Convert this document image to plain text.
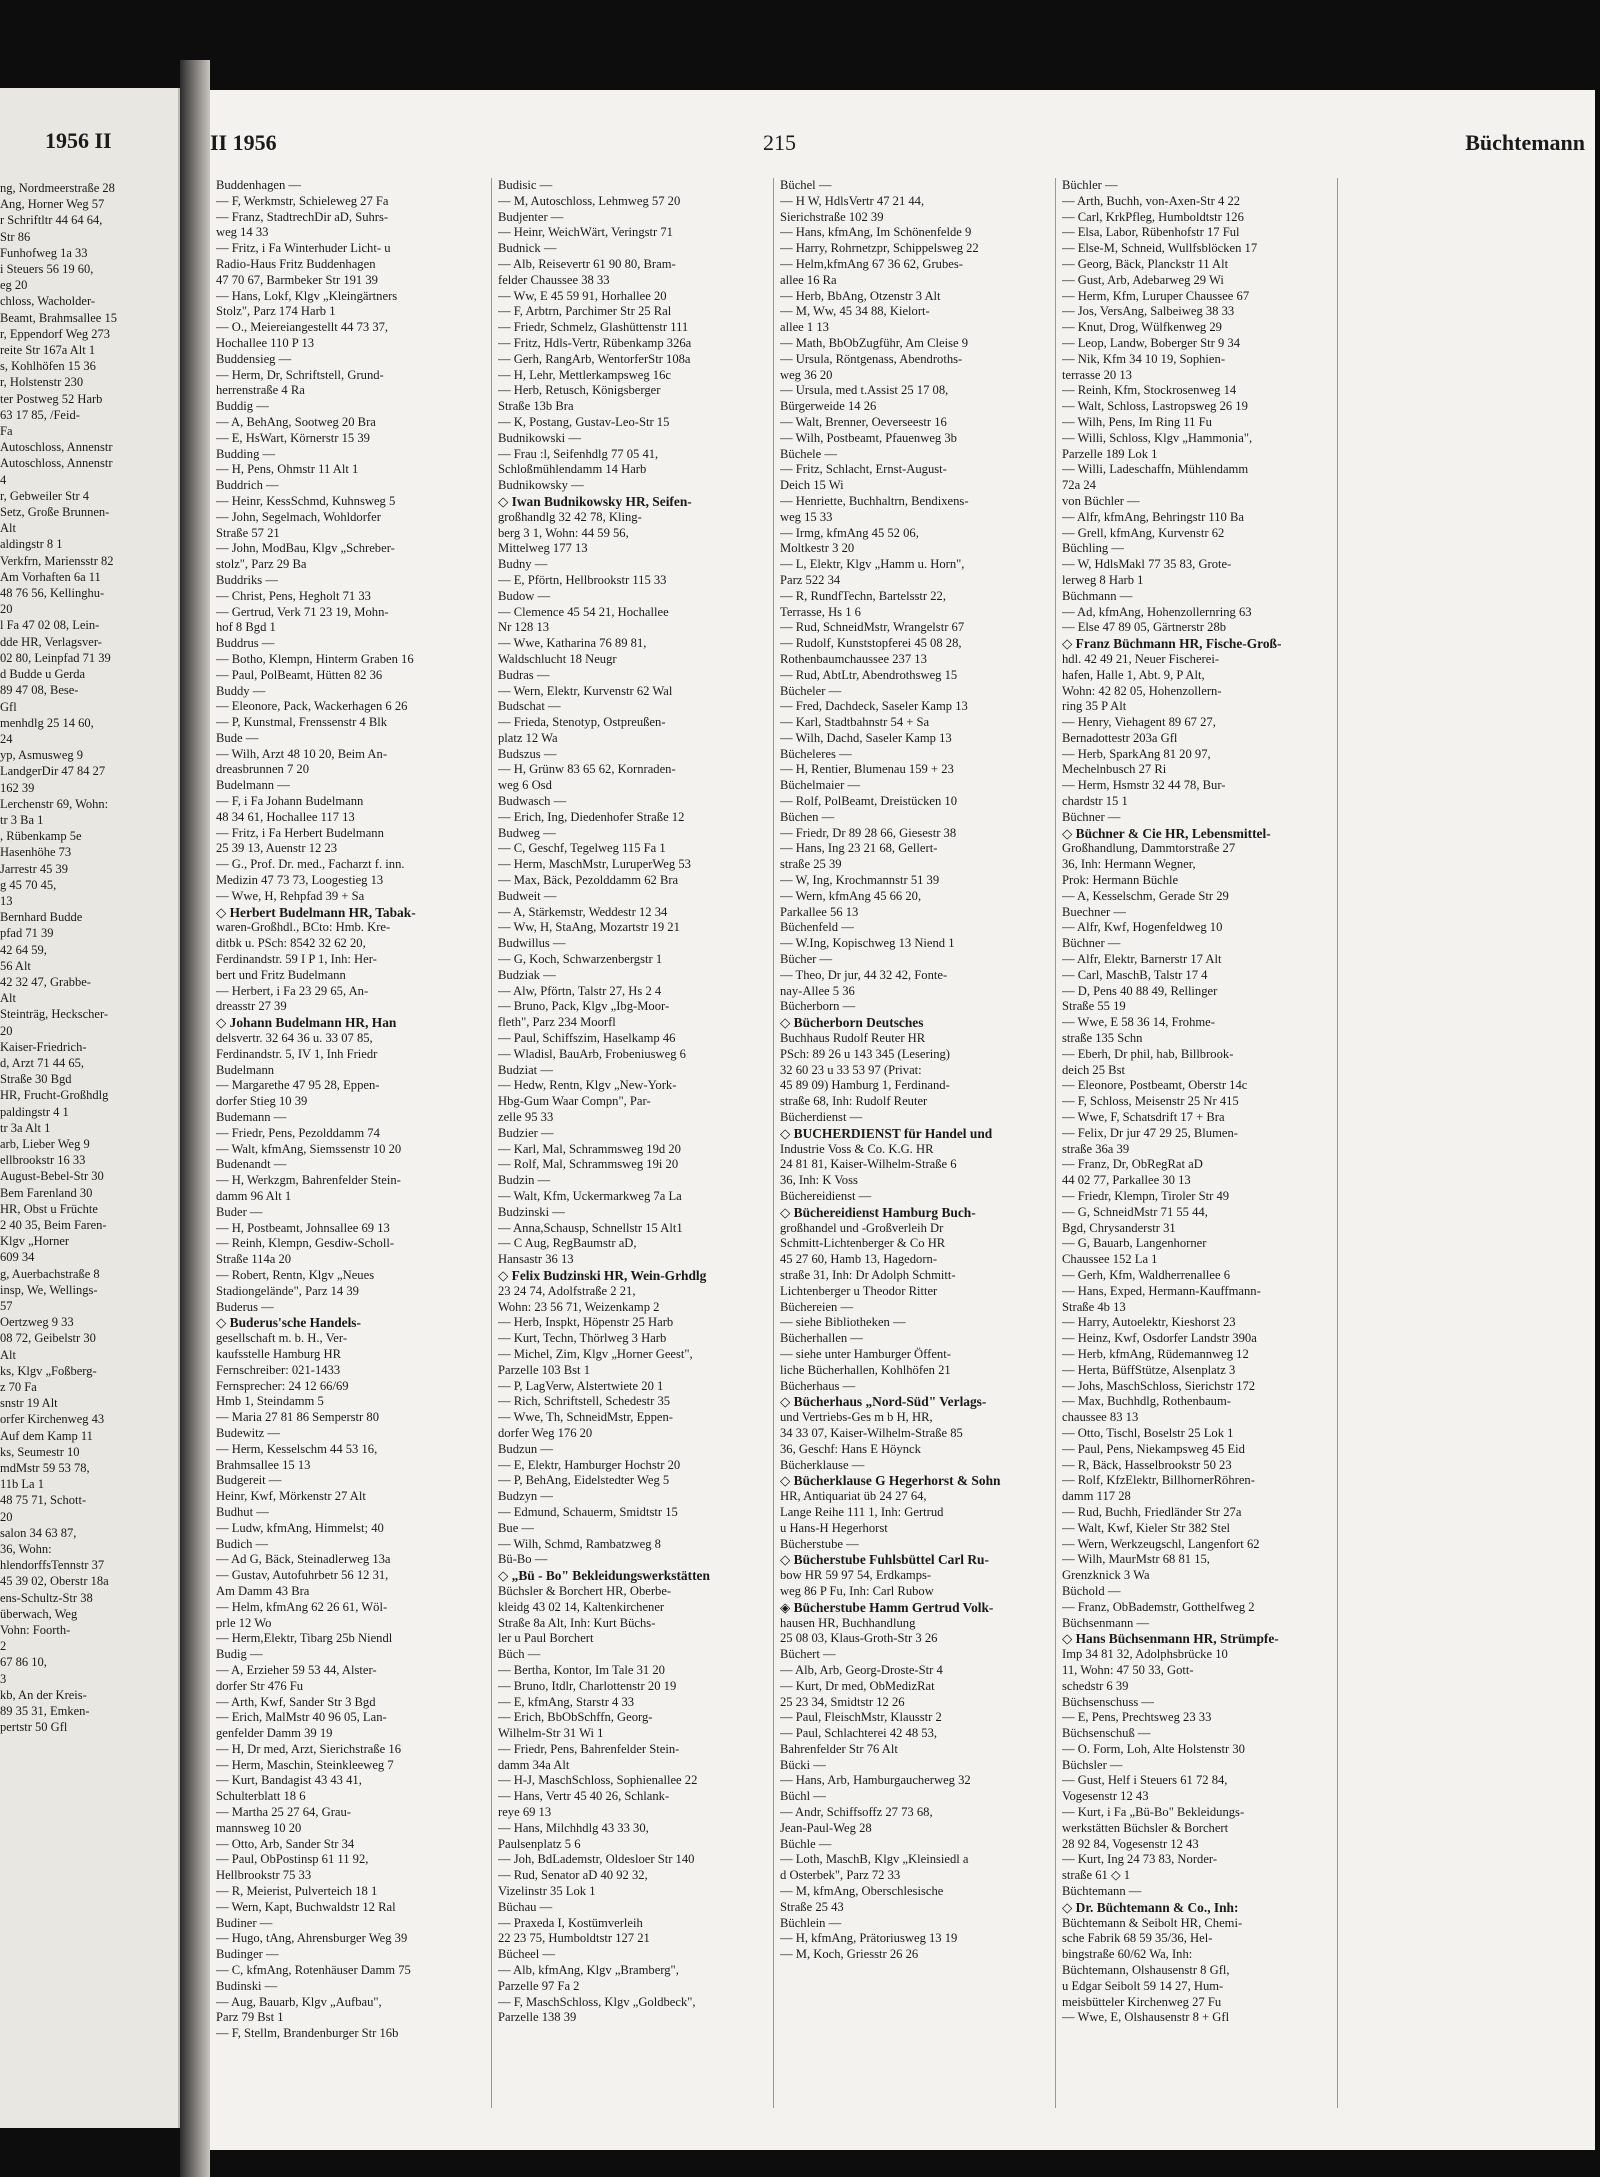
1956 II
ng, Nordmeerstraße 28
Ang, Horner Weg 57
r Schriftltr 44 64 64,
Str 86
Funhofweg 1a 33
i Steuers 56 19 60,
eg 20
chloss, Wacholder-
Beamt, Brahmsallee 15
r, Eppendorf Weg 273
reite Str 167a Alt 1
s, Kohlhöfen 15 36
r, Holstenstr 230
ter Postweg 52 Harb
63 17 85, /Feid-
Fa
Autoschloss, Annenstr
Autoschloss, Annenstr
4
r, Gebweiler Str 4
Setz, Große Brunnen-
Alt
aldingstr 8 1
Verkfrn, Mariensstr 82
Am Vorhaften 6a 11
48 76 56, Kellinghu-
20
l Fa 47 02 08, Lein-
dde HR, Verlagsver-
02 80, Leinpfad 71 39
d Budde u Gerda
89 47 08, Bese-
Gfl
menhdlg 25 14 60,
24
yp, Asmusweg 9
LandgerDir 47 84 27
162 39
Lerchenstr 69, Wohn:
tr 3 Ba 1
, Rübenkamp 5e
Hasenhöhe 73
Jarrestr 45 39
g 45 70 45,
13
Bernhard Budde
pfad 71 39
42 64 59,
56 Alt
42 32 47, Grabbe-
Alt
Steinträg, Heckscher-
20
Kaiser-Friedrich-
d, Arzt 71 44 65,
Straße 30 Bgd
HR, Frucht-Großhdlg
paldingstr 4 1
tr 3a Alt 1
arb, Lieber Weg 9
ellbrookstr 16 33
August-Bebel-Str 30
Bem Farenland 30
HR, Obst u Früchte
2 40 35, Beim Faren-
Klgv „Horner
609 34
g, Auerbachstraße 8
insp, We, Wellings-
57
Oertzweg 9 33
08 72, Geibelstr 30
Alt
ks, Klgv „Foßberg-
z 70 Fa
snstr 19 Alt
orfer Kirchenweg 43
Auf dem Kamp 11
ks, Seumestr 10
mdMstr 59 53 78,
11b La 1
48 75 71, Schott-
20
salon 34 63 87,
36, Wohn:
hlendorffsTennstr 37
45 39 02, Oberstr 18a
ens-Schultz-Str 38
überwach, Weg
Vohn: Foorth-
2
67 86 10,
3
kb, An der Kreis-
89 35 31, Emken-
pertstr 50 Gfl
II 1956	215	Büchtemann
Buddenhagen —
— F, Werkmstr, Schieleweg 27 Fa
— Franz, StadtrechDir aD, Suhrs-
weg 14 33
— Fritz, i Fa Winterhuder Licht- u
Radio-Haus Fritz Buddenhagen
47 70 67, Barmbeker Str 191 39
— Hans, Lokf, Klgv „Kleingärtners
Stolz", Parz 174 Harb 1
— O., Meiereiangestellt 44 73 37,
Hochallee 110 P 13
Buddensieg —
— Herm, Dr, Schriftstell, Grund-
herrenstraße 4 Ra
Buddig —
— A, BehAng, Sootweg 20 Bra
— E, HsWart, Körnerstr 15 39
Budding —
— H, Pens, Ohmstr 11 Alt 1
Buddrich —
— Heinr, KessSchmd, Kuhnsweg 5
— John, Segelmach, Wohldorfer
Straße 57 21
— John, ModBau, Klgv „Schreber-
stolz", Parz 29 Ba
Buddriks —
— Christ, Pens, Hegholt 71 33
— Gertrud, Verk 71 23 19, Mohn-
hof 8 Bgd 1
Buddrus —
— Botho, Klempn, Hinterm Graben 16
— Paul, PolBeamt, Hütten 82 36
Buddy —
— Eleonore, Pack, Wackerhagen 6 26
— P, Kunstmal, Frenssenstr 4 Blk
Bude —
— Wilh, Arzt 48 10 20, Beim An-
dreasbrunnen 7 20
Budelmann —
— F, i Fa Johann Budelmann
48 34 61, Hochallee 117 13
— Fritz, i Fa Herbert Budelmann
25 39 13, Auenstr 12 23
— G., Prof. Dr. med., Facharzt f. inn.
Medizin 47 73 73, Loogestieg 13
— Wwe, H, Rehpfad 39 + Sa
◇ Herbert Budelmann HR, Tabak-
waren-Großhdl., BCto: Hmb. Kre-
ditbk u. PSch: 8542 32 62 20,
Ferdinandstr. 59 I P 1, Inh: Her-
bert und Fritz Budelmann
— Herbert, i Fa 23 29 65, An-
dreasstr 27 39
◇ Johann Budelmann HR, Han
delsvertr. 32 64 36 u. 33 07 85,
Ferdinandstr. 5, IV 1, Inh Friedr
Budelmann
— Margarethe 47 95 28, Eppen-
dorfer Stieg 10 39
Budemann —
— Friedr, Pens, Pezolddamm 74
— Walt, kfmAng, Siemssenstr 10 20
Budenandt —
— H, Werkzgm, Bahrenfelder Stein-
damm 96 Alt 1
Buder —
— H, Postbeamt, Johnsallee 69 13
— Reinh, Klempn, Gesdiw-Scholl-
Straße 114a 20
— Robert, Rentn, Klgv „Neues
Stadiongelände", Parz 14 39
Buderus —
◇ Buderus'sche Handels-
gesellschaft m. b. H., Ver-
kaufsstelle Hamburg HR
Fernschreiber: 021-1433
Fernsprecher: 24 12 66/69
Hmb 1, Steindamm 5
— Maria 27 81 86 Semperstr 80
Budewitz —
— Herm, Kesselschm 44 53 16,
Brahmsallee 15 13
Budgereit —
Heinr, Kwf, Mörkenstr 27 Alt
Budhut —
— Ludw, kfmAng, Himmelst; 40
Budich —
— Ad G, Bäck, Steinadlerweg 13a
— Gustav, Autofuhrbetr 56 12 31,
Am Damm 43 Bra
— Helm, kfmAng 62 26 61, Wöl-
prle 12 Wo
— Herm,Elektr, Tibarg 25b Niendl
Budig —
— A, Erzieher 59 53 44, Alster-
dorfer Str 476 Fu
— Arth, Kwf, Sander Str 3 Bgd
— Erich, MalMstr 40 96 05, Lan-
genfelder Damm 39 19
— H, Dr med, Arzt, Sierichstraße 16
— Herm, Maschin, Steinkleeweg 7
— Kurt, Bandagist 43 43 41,
Schulterblatt 18 6
— Martha 25 27 64, Grau-
mannsweg 10 20
— Otto, Arb, Sander Str 34
— Paul, ObPostinsp 61 11 92,
Hellbrookstr 75 33
— R, Meierist, Pulverteich 18 1
— Wern, Kapt, Buchwaldstr 12 Ral
Budiner —
— Hugo, tAng, Ahrensburger Weg 39
Budinger —
— C, kfmAng, Rotenhäuser Damm 75
Budinski —
— Aug, Bauarb, Klgv „Aufbau",
Parz 79 Bst 1
— F, Stellm, Brandenburger Str 16b
Budisic —
— M, Autoschloss, Lehmweg 57 20
Budjenter —
— Heinr, WeichWärt, Veringstr 71
Budnick —
— Alb, Reisevertr 61 90 80, Bram-
felder Chaussee 38 33
— Ww, E 45 59 91, Horhallee 20
— F, Arbtrn, Parchimer Str 25 Ral
— Friedr, Schmelz, Glashüttenstr 111
— Fritz, Hdls-Vertr, Rübenkamp 326a
— Gerh, RangArb, WentorferStr 108a
— H, Lehr, Mettlerkampsweg 16c
— Herb, Retusch, Königsberger
Straße 13b Bra
— K, Postang, Gustav-Leo-Str 15
Budnikowski —
— Frau :l, Seifenhdlg 77 05 41,
Schloßmühlendamm 14 Harb
Budnikowsky —
◇ Iwan Budnikowsky HR, Seifen-
großhandlg 32 42 78, Kling-
berg 3 1, Wohn: 44 59 56,
Mittelweg 177 13
Budny —
— E, Pförtn, Hellbrookstr 115 33
Budow —
— Clemence 45 54 21, Hochallee
Nr 128 13
— Wwe, Katharina 76 89 81,
Waldschlucht 18 Neugr
Budras —
— Wern, Elektr, Kurvenstr 62 Wal
Budschat —
— Frieda, Stenotyp, Ostpreußen-
platz 12 Wa
Budszus —
— H, Grünw 83 65 62, Kornraden-
weg 6 Osd
Budwasch —
— Erich, Ing, Diedenhofer Straße 12
Budweg —
— C, Geschf, Tegelweg 115 Fa 1
— Herm, MaschMstr, LuruperWeg 53
— Max, Bäck, Pezolddamm 62 Bra
Budweit —
— A, Stärkemstr, Weddestr 12 34
— Ww, H, StaAng, Mozartstr 19 21
Budwillus —
— G, Koch, Schwarzenbergstr 1
Budziak —
— Alw, Pförtn, Talstr 27, Hs 2 4
— Bruno, Pack, Klgv „Ibg-Moor-
fleth", Parz 234 Moorfl
— Paul, Schiffszim, Haselkamp 46
— Wladisl, BauArb, Frobeniusweg 6
Budziat —
— Hedw, Rentn, Klgv „New-York-
Hbg-Gum Waar Compn", Par-
zelle 95 33
Budzier —
— Karl, Mal, Schrammsweg 19d 20
— Rolf, Mal, Schrammsweg 19i 20
Budzin —
— Walt, Kfm, Uckermarkweg 7a La
Budzinski —
— Anna,Schausp, Schnellstr 15 Alt1
— C Aug, RegBaumstr aD,
Hansastr 36 13
◇ Felix Budzinski HR, Wein-Grhdlg
23 24 74, Adolfstraße 2 21,
Wohn: 23 56 71, Weizenkamp 2
— Herb, Inspkt, Höpenstr 25 Harb
— Kurt, Techn, Thörlweg 3 Harb
— Michel, Zim, Klgv „Horner Geest",
Parzelle 103 Bst 1
— P, LagVerw, Alstertwiete 20 1
— Rich, Schriftstell, Schedestr 35
— Wwe, Th, SchneidMstr, Eppen-
dorfer Weg 176 20
Budzun —
— E, Elektr, Hamburger Hochstr 20
— P, BehAng, Eidelstedter Weg 5
Budzyn —
— Edmund, Schauerm, Smidtstr 15
Bue —
— Wilh, Schmd, Rambatzweg 8
Bü-Bo —
◇ „Bü - Bo" Bekleidungswerkstätten
Büchsler & Borchert HR, Oberbe-
kleidg 43 02 14, Kaltenkirchener
Straße 8a Alt, Inh: Kurt Büchs-
ler u Paul Borchert
Büch —
— Bertha, Kontor, Im Tale 31 20
— Bruno, Itdlr, Charlottenstr 20 19
— E, kfmAng, Starstr 4 33
— Erich, BbObSchffn, Georg-
Wilhelm-Str 31 Wi 1
— Friedr, Pens, Bahrenfelder Stein-
damm 34a Alt
— H-J, MaschSchloss, Sophienallee 22
— Hans, Vertr 45 40 26, Schlank-
reye 69 13
— Hans, Milchhdlg 43 33 30,
Paulsenplatz 5 6
— Joh, BdLademstr, Oldesloer Str 140
— Rud, Senator aD 40 92 32,
Vizelinstr 35 Lok 1
Büchau —
— Praxeda I, Kostümverleih
22 23 75, Humboldtstr 127 21
Bücheel —
— Alb, kfmAng, Klgv „Bramberg",
Parzelle 97 Fa 2
— F, MaschSchloss, Klgv „Goldbeck",
Parzelle 138 39
Büchel —
— H W, HdlsVertr 47 21 44,
Sierichstraße 102 39
— Hans, kfmAng, Im Schönenfelde 9
— Harry, Rohrnetzpr, Schippelsweg 22
— Helm,kfmAng 67 36 62, Grubes-
allee 16 Ra
— Herb, BbAng, Otzenstr 3 Alt
— M, Ww, 45 34 88, Kielort-
allee 1 13
— Math, BbObZugführ, Am Cleise 9
— Ursula, Röntgenass, Abendroths-
weg 36 20
— Ursula, med t.Assist 25 17 08,
Bürgerweide 14 26
— Walt, Brenner, Oeverseestr 16
— Wilh, Postbeamt, Pfauenweg 3b
Büchele —
— Fritz, Schlacht, Ernst-August-
Deich 15 Wi
— Henriette, Buchhaltrn, Bendixens-
weg 15 33
— Irmg, kfmAng 45 52 06,
Moltkestr 3 20
— L, Elektr, Klgv „Hamm u. Horn",
Parz 522 34
— R, RundfTechn, Bartelsstr 22,
Terrasse, Hs 1 6
— Rud, SchneidMstr, Wrangelstr 67
— Rudolf, Kunststopferei 45 08 28,
Rothenbaumchaussee 237 13
— Rud, AbtLtr, Abendrothsweg 15
Bücheler —
— Fred, Dachdeck, Saseler Kamp 13
— Karl, Stadtbahnstr 54 + Sa
— Wilh, Dachd, Saseler Kamp 13
Bücheleres —
— H, Rentier, Blumenau 159 + 23
Büchelmaier —
— Rolf, PolBeamt, Dreistücken 10
Büchen —
— Friedr, Dr 89 28 66, Giesestr 38
— Hans, Ing 23 21 68, Gellert-
straße 25 39
— W, Ing, Krochmannstr 51 39
— Wern, kfmAng 45 66 20,
Parkallee 56 13
Büchenfeld —
— W.Ing, Kopischweg 13 Niend 1
Bücher —
— Theo, Dr jur, 44 32 42, Fonte-
nay-Allee 5 36
Bücherborn —
◇ Bücherborn Deutsches
Buchhaus Rudolf Reuter HR
PSch: 89 26 u 143 345 (Lesering)
32 60 23 u 33 53 97 (Privat:
45 89 09) Hamburg 1, Ferdinand-
straße 68, Inh: Rudolf Reuter
Bücherdienst —
◇ BUCHERDIENST für Handel und
Industrie Voss & Co. K.G. HR
24 81 81, Kaiser-Wilhelm-Straße 6
36, Inh: K Voss
Büchereidienst —
◇ Büchereidienst Hamburg Buch-
großhandel und -Großverleih Dr
Schmitt-Lichtenberger & Co HR
45 27 60, Hamb 13, Hagedorn-
straße 31, Inh: Dr Adolph Schmitt-
Lichtenberger u Theodor Ritter
Büchereien —
— siehe Bibliotheken —
Bücherhallen —
— siehe unter Hamburger Öffent-
liche Bücherhallen, Kohlhöfen 21
Bücherhaus —
◇ Bücherhaus „Nord-Süd" Verlags-
und Vertriebs-Ges m b H, HR,
34 33 07, Kaiser-Wilhelm-Straße 85
36, Geschf: Hans E Höynck
Bücherklause —
◇ Bücherklause G Hegerhorst & Sohn
HR, Antiquariat üb 24 27 64,
Lange Reihe 111 1, Inh: Gertrud
u Hans-H Hegerhorst
Bücherstube —
◇ Bücherstube Fuhlsbüttel Carl Ru-
bow HR 59 97 54, Erdkamps-
weg 86 P Fu, Inh: Carl Rubow
◈ Bücherstube Hamm Gertrud Volk-
hausen HR, Buchhandlung
25 08 03, Klaus-Groth-Str 3 26
Büchert —
— Alb, Arb, Georg-Droste-Str 4
— Kurt, Dr med, ObMedizRat
25 23 34, Smidtstr 12 26
— Paul, FleischMstr, Klausstr 2
— Paul, Schlachterei 42 48 53,
Bahrenfelder Str 76 Alt
Bücki —
— Hans, Arb, Hamburgaucherweg 32
Büchl —
— Andr, Schiffsoffz 27 73 68,
Jean-Paul-Weg 28
Büchle —
— Loth, MaschB, Klgv „Kleinsiedl a
d Osterbek", Parz 72 33
— M, kfmAng, Oberschlesische
Straße 25 43
Büchlein —
— H, kfmAng, Prätoriusweg 13 19
— M, Koch, Griesstr 26 26
Büchler —
— Arth, Buchh, von-Axen-Str 4 22
— Carl, KrkPfleg, Humboldtstr 126
— Elsa, Labor, Rübenhofstr 17 Ful
— Else-M, Schneid, Wullfsblöcken 17
— Georg, Bäck, Planckstr 11 Alt
— Gust, Arb, Adebarweg 29 Wi
— Herm, Kfm, Luruper Chaussee 67
— Jos, VersAng, Salbeiweg 38 33
— Knut, Drog, Wülfkenweg 29
— Leop, Landw, Boberger Str 9 34
— Nik, Kfm 34 10 19, Sophien-
terrasse 20 13
— Reinh, Kfm, Stockrosenweg 14
— Walt, Schloss, Lastropsweg 26 19
— Wilh, Pens, Im Ring 11 Fu
— Willi, Schloss, Klgv „Hammonia",
Parzelle 189 Lok 1
— Willi, Ladeschaffn, Mühlendamm
72a 24
von Büchler —
— Alfr, kfmAng, Behringstr 110 Ba
— Grell, kfmAng, Kurvenstr 62
Büchling —
— W, HdlsMakl 77 35 83, Grote-
lerweg 8 Harb 1
Büchmann —
— Ad, kfmAng, Hohenzollernring 63
— Else 47 89 05, Gärtnerstr 28b
◇ Franz Büchmann HR, Fische-Groß-
hdl. 42 49 21, Neuer Fischerei-
hafen, Halle 1, Abt. 9, P Alt,
Wohn: 42 82 05, Hohenzollern-
ring 35 P Alt
— Henry, Viehagent 89 67 27,
Bernadottestr 203a Gfl
— Herb, SparkAng 81 20 97,
Mechelnbusch 27 Ri
— Herm, Hsmstr 32 44 78, Bur-
chardstr 15 1
Büchner —
◇ Büchner & Cie HR, Lebensmittel-
Großhandlung, Dammtorstraße 27
36, Inh: Hermann Wegner,
Prok: Hermann Büchle
— A, Kesselschm, Gerade Str 29
Buechner —
— Alfr, Kwf, Hogenfeldweg 10
Büchner —
— Alfr, Elektr, Barnerstr 17 Alt
— Carl, MaschB, Talstr 17 4
— D, Pens 40 88 49, Rellinger
Straße 55 19
— Wwe, E 58 36 14, Frohme-
straße 135 Schn
— Eberh, Dr phil, hab, Billbrook-
deich 25 Bst
— Eleonore, Postbeamt, Oberstr 14c
— F, Schloss, Meisenstr 25 Nr 415
— Wwe, F, Schatsdrift 17 + Bra
— Felix, Dr jur 47 29 25, Blumen-
straße 36a 39
— Franz, Dr, ObRegRat aD
44 02 77, Parkallee 30 13
— Friedr, Klempn, Tiroler Str 49
— G, SchneidMstr 71 55 44,
Bgd, Chrysanderstr 31
— G, Bauarb, Langenhorner
Chaussee 152 La 1
— Gerh, Kfm, Waldherrenallee 6
— Hans, Exped, Hermann-Kauffmann-
Straße 4b 13
— Harry, Autoelektr, Kieshorst 23
— Heinz, Kwf, Osdorfer Landstr 390a
— Herb, kfmAng, Rüdemannweg 12
— Herta, BüffStütze, Alsenplatz 3
— Johs, MaschSchloss, Sierichstr 172
— Max, Buchhdlg, Rothenbaum-
chaussee 83 13
— Otto, Tischl, Boselstr 25 Lok 1
— Paul, Pens, Niekampsweg 45 Eid
— R, Bäck, Hasselbrookstr 50 23
— Rolf, KfzElektr, BillhornerRöhren-
damm 117 28
— Rud, Buchh, Friedländer Str 27a
— Walt, Kwf, Kieler Str 382 Stel
— Wern, Werkzeugschl, Langenfort 62
— Wilh, MaurMstr 68 81 15,
Grenzknick 3 Wa
Büchold —
— Franz, ObBademstr, Gotthelfweg 2
Büchsenmann —
◇ Hans Büchsenmann HR, Strümpfe-
Imp 34 81 32, Adolphsbrücke 10
11, Wohn: 47 50 33, Gott-
schedstr 6 39
Büchsenschuss —
— E, Pens, Prechtsweg 23 33
Büchsenschuß —
— O. Form, Loh, Alte Holstenstr 30
Büchsler —
— Gust, Helf i Steuers 61 72 84,
Vogesenstr 12 43
— Kurt, i Fa „Bü-Bo" Bekleidungs-
werkstätten Büchsler & Borchert
28 92 84, Vogesenstr 12 43
— Kurt, Ing 24 73 83, Norder-
straße 61 ◇ 1
Büchtemann —
◇ Dr. Büchtemann & Co., Inh:
Büchtemann & Seibolt HR, Chemi-
sche Fabrik 68 59 35/36, Hel-
bingstraße 60/62 Wa, Inh:
Büchtemann, Olshausenstr 8 Gfl,
u Edgar Seibolt 59 14 27, Hum-
meisbütteler Kirchenweg 27 Fu
— Wwe, E, Olshausenstr 8 + Gfl
